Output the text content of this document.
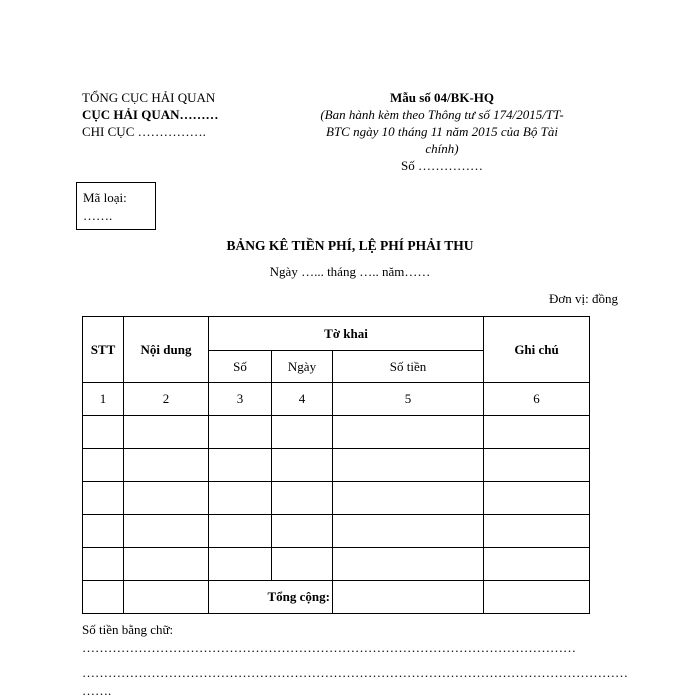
TỔNG CỤC HẢI QUAN
CỤC HẢI QUAN………
CHI CỤC …………….
Mẫu số 04/BK-HQ
(Ban hành kèm theo Thông tư số 174/2015/TT-
BTC ngày 10 tháng 11 năm 2015 của Bộ Tài
chính)
Số ……………
Mã loại:
…….
BẢNG KÊ TIỀN PHÍ, LỆ PHÍ PHẢI THU
Ngày …... tháng ….. năm……
Đơn vị: đồng
STT	Nội dung	Tờ khai			Ghi chú
		Số	Ngày	Số tiền	
1	2	3	4	5	6

		Tổng cộng:			
Số tiền bằng chữ:
……………………………………………………………………………………………………
………………………………………………………………………………………………………………
…….
